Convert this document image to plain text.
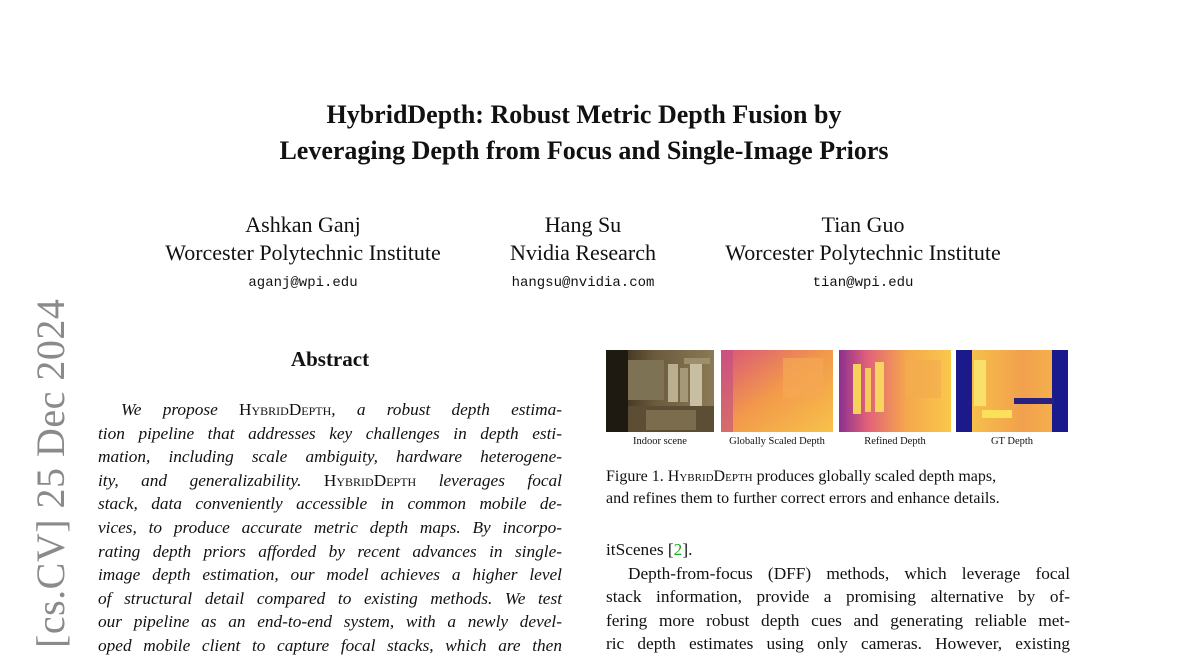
[cs.CV] 25 Dec 2024
HybridDepth: Robust Metric Depth Fusion by
Leveraging Depth from Focus and Single-Image Priors
Ashkan Ganj
Worcester Polytechnic Institute
aganj@wpi.edu
Hang Su
Nvidia Research
hangsu@nvidia.com
Tian Guo
Worcester Polytechnic Institute
tian@wpi.edu
Abstract
We propose HybridDepth, a robust depth estima-
tion pipeline that addresses key challenges in depth esti-
mation, including scale ambiguity, hardware heterogene-
ity, and generalizability. HybridDepth leverages focal
stack, data conveniently accessible in common mobile de-
vices, to produce accurate metric depth maps. By incorpo-
rating depth priors afforded by recent advances in single-
image depth estimation, our model achieves a higher level
of structural detail compared to existing methods. We test
our pipeline as an end-to-end system, with a newly devel-
oped mobile client to capture focal stacks, which are then
Indoor scene	Globally Scaled Depth	Refined Depth	GT Depth
Figure 1. HybridDepth produces globally scaled depth maps,
and refines them to further correct errors and enhance details.
itScenes [2].
Depth-from-focus (DFF) methods, which leverage focal
stack information, provide a promising alternative by of-
fering more robust depth cues and generating reliable met-
ric depth estimates using only cameras. However, existing
